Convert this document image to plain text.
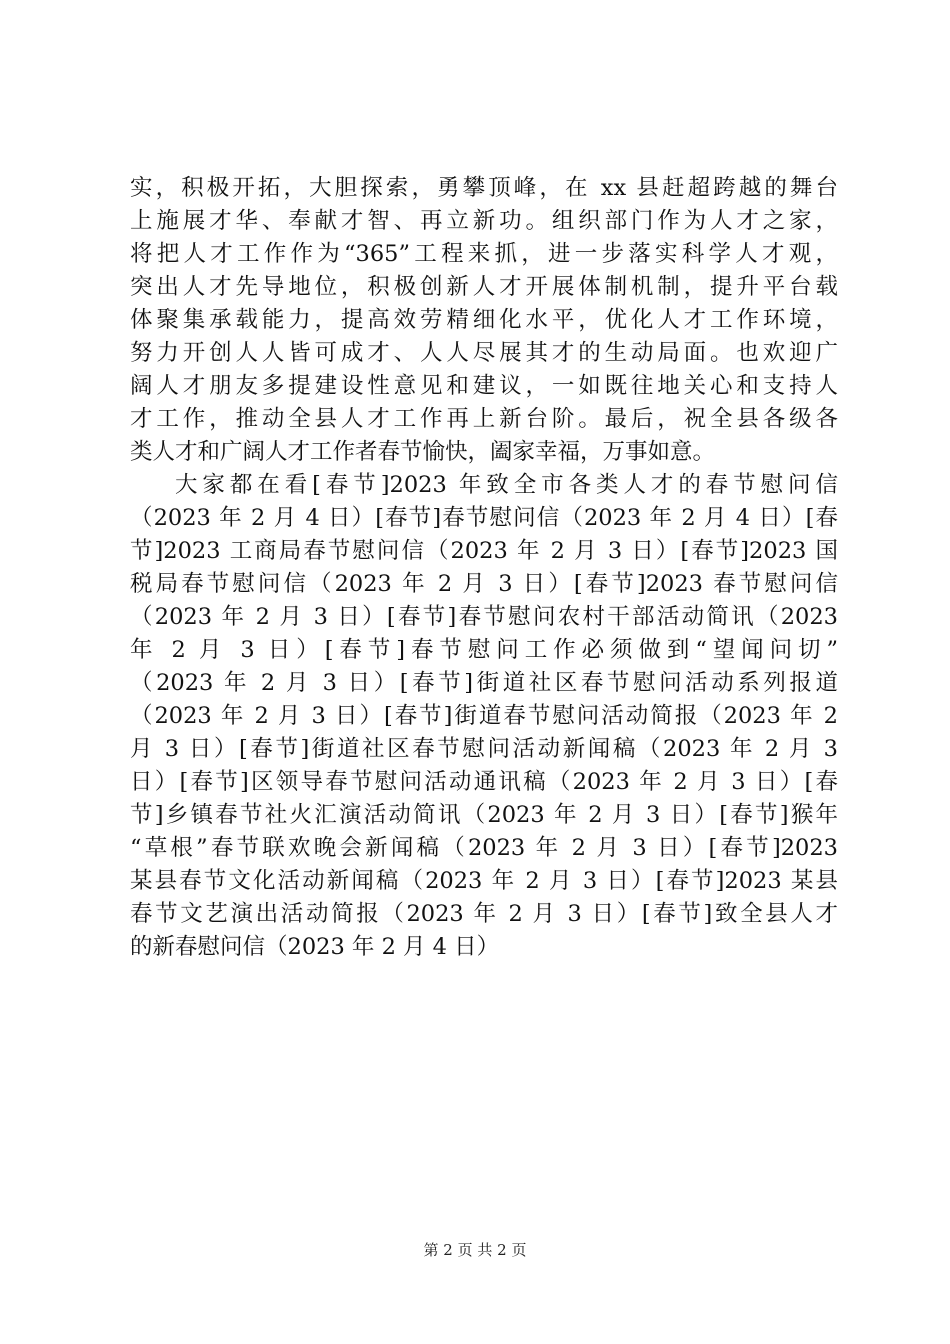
实，积极开拓，大胆探索，勇攀顶峰，在 xx 县赶超跨越的舞台
上施展才华、奉献才智、再立新功。组织部门作为人才之家，
将把人才工作作为“365”工程来抓，进一步落实科学人才观，
突出人才先导地位，积极创新人才开展体制机制，提升平台载
体聚集承载能力，提高效劳精细化水平，优化人才工作环境，
努力开创人人皆可成才、人人尽展其才的生动局面。也欢迎广
阔人才朋友多提建设性意见和建议，一如既往地关心和支持人
才工作，推动全县人才工作再上新台阶。最后，祝全县各级各
类人才和广阔人才工作者春节愉快，阖家幸福，万事如意。
大家都在看[春节]2023 年致全市各类人才的春节慰问信
（2023 年 2 月 4 日）[春节]春节慰问信（2023 年 2 月 4 日）[春
节]2023 工商局春节慰问信（2023 年 2 月 3 日）[春节]2023 国
税局春节慰问信（2023 年 2 月 3 日）[春节]2023 春节慰问信
（2023 年 2 月 3 日）[春节]春节慰问农村干部活动简讯（2023
年 2 月 3 日）[春节]春节慰问工作必须做到“望闻问切”
（2023 年 2 月 3 日）[春节]街道社区春节慰问活动系列报道
（2023 年 2 月 3 日）[春节]街道春节慰问活动简报（2023 年 2
月 3 日）[春节]街道社区春节慰问活动新闻稿（2023 年 2 月 3
日）[春节]区领导春节慰问活动通讯稿（2023 年 2 月 3 日）[春
节]乡镇春节社火汇演活动简讯（2023 年 2 月 3 日）[春节]猴年
“草根”春节联欢晚会新闻稿（2023 年 2 月 3 日）[春节]2023
某县春节文化活动新闻稿（2023 年 2 月 3 日）[春节]2023 某县
春节文艺演出活动简报（2023 年 2 月 3 日）[春节]致全县人才
的新春慰问信（2023 年 2 月 4 日）
第 2 页 共 2 页
